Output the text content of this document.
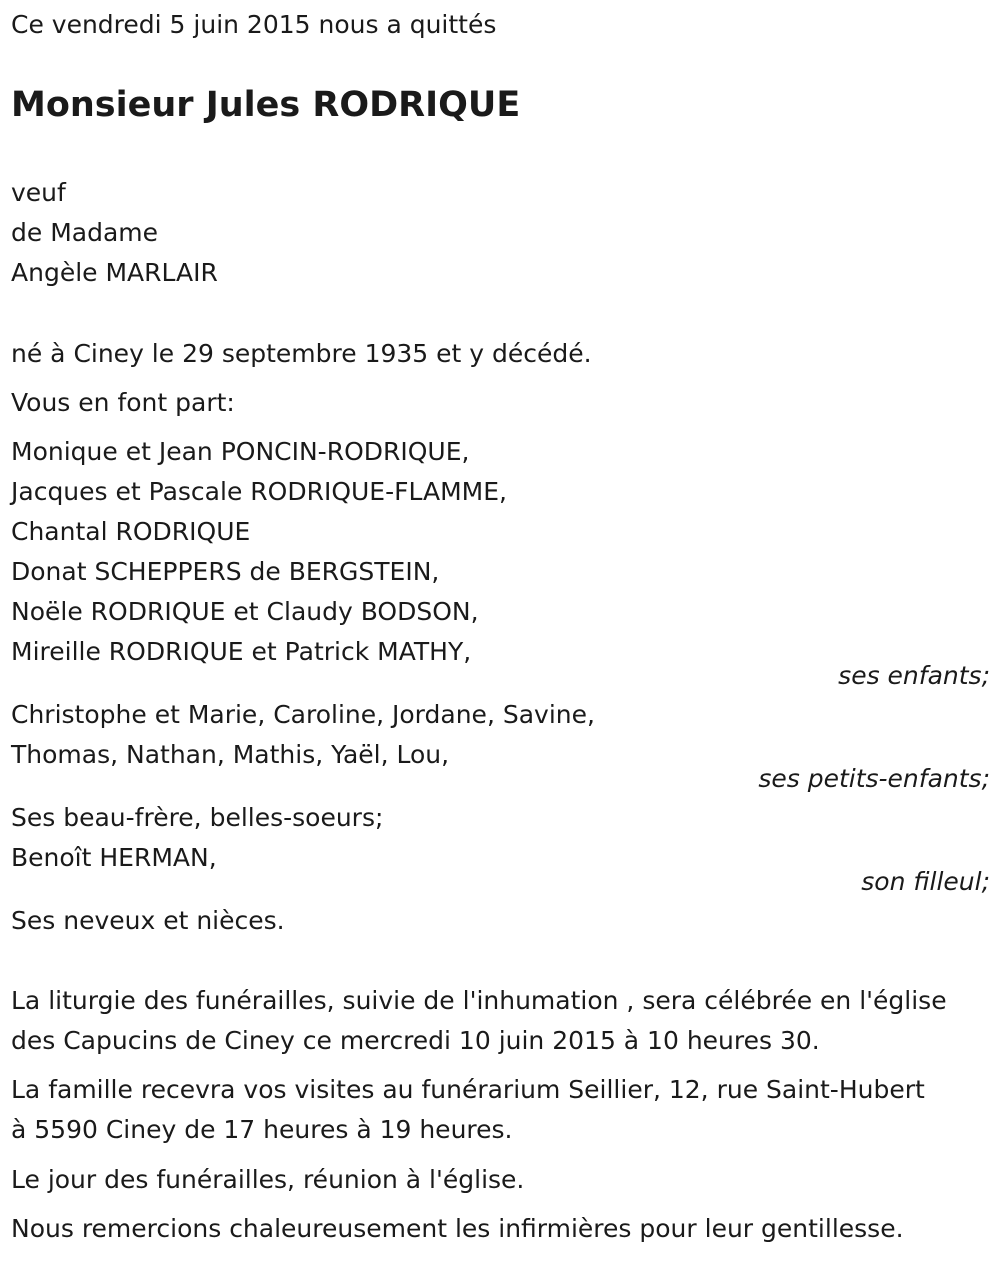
Ce vendredi 5 juin 2015 nous a quittés
Monsieur Jules RODRIQUE
veuf
de Madame
Angèle MARLAIR
né à Ciney le 29 septembre 1935 et y décédé.
Vous en font part:
Monique et Jean PONCIN-RODRIQUE,
Jacques et Pascale RODRIQUE-FLAMME,
Chantal RODRIQUE
Donat SCHEPPERS de BERGSTEIN,
Noële RODRIQUE et Claudy BODSON,
Mireille RODRIQUE et Patrick MATHY,
ses enfants;
Christophe et Marie, Caroline, Jordane, Savine,
Thomas, Nathan, Mathis, Yaël, Lou,
ses petits-enfants;
Ses beau-frère, belles-soeurs;
Benoît HERMAN,
son filleul;
Ses neveux et nièces.
La liturgie des funérailles, suivie de l'inhumation , sera célébrée en l'église
des Capucins de Ciney ce mercredi 10 juin 2015 à 10 heures 30.
La famille recevra vos visites au funérarium Seillier, 12, rue Saint-Hubert
à 5590 Ciney de 17 heures à 19 heures.
Le jour des funérailles, réunion à l'église.
Nous remercions chaleureusement les infirmières pour leur gentillesse.
